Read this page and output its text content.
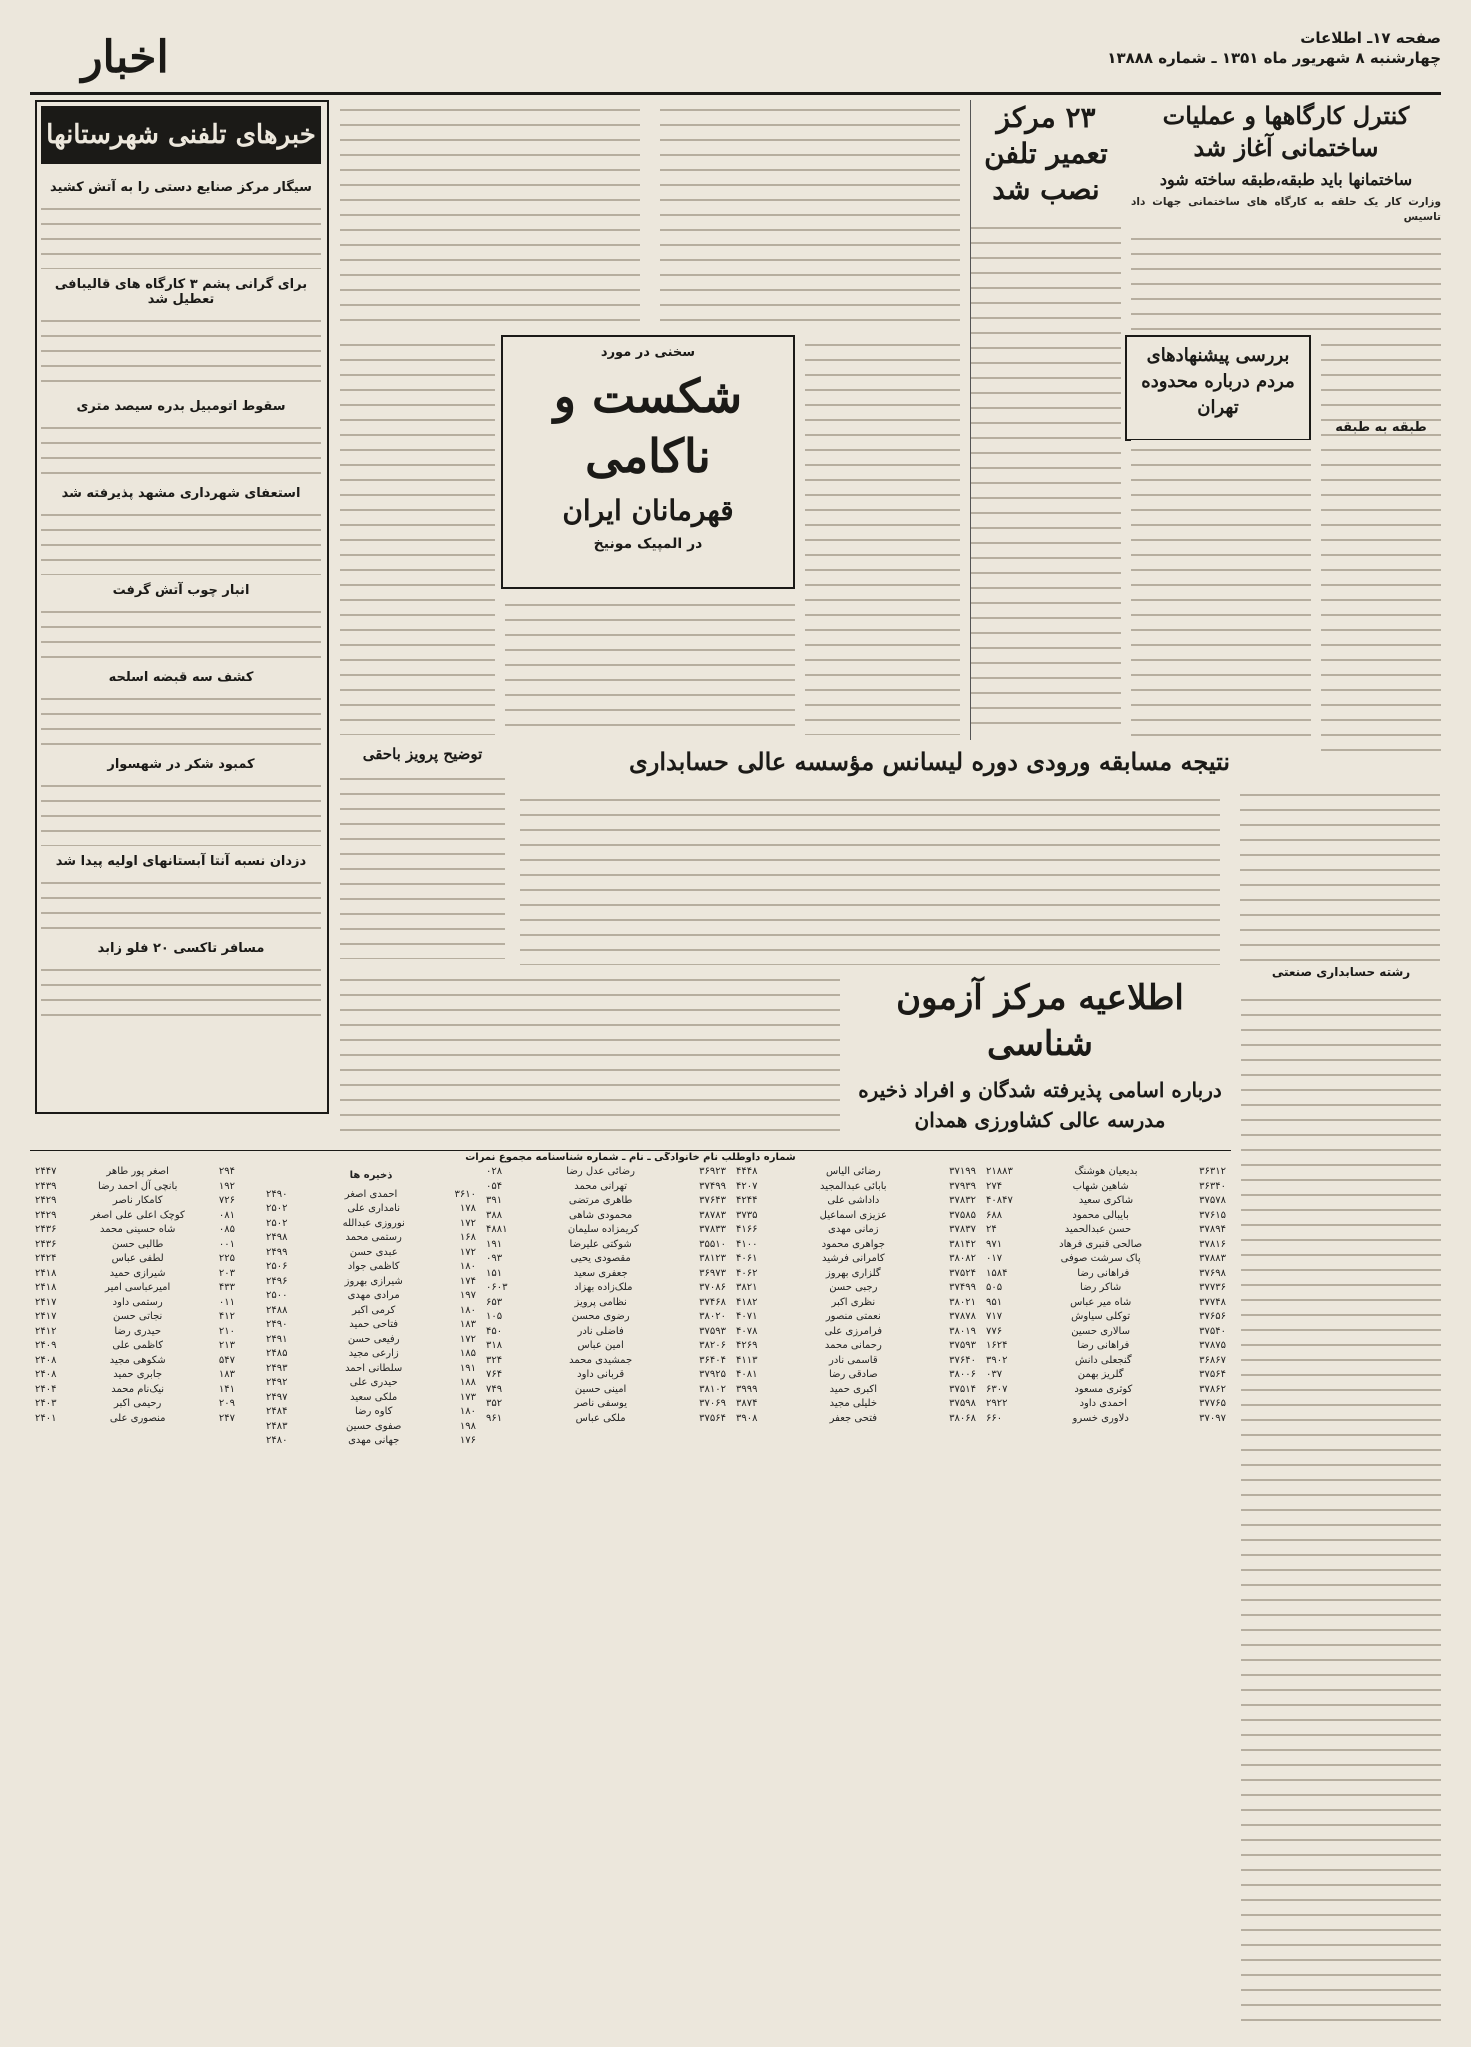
اخبار	صفحه ۱۷ـ اطلاعات
چهارشنبه ۸ شهریور ماه ۱۳۵۱ ـ شماره ۱۳۸۸۸
کنترل کارگاهها و عملیات ساختمانی آغاز شد
ساختمانها باید طبقه،طبقه ساخته شود
وزارت کار یک حلقه به کارگاه های ساختمانی جهات داد تاسیس
بررسی پیشنهادهای مردم درباره محدوده تهران
طبقه به طبقه
۲۳ مرکز تعمیر تلفن نصب شد
سخنی در مورد
شکست و ناکامی
قهرمانان ایران
در المپیک مونیخ
خبرهای تلفنی شهرستانها
سیگار مرکز صنایع دستی را به آتش کشید
برای گرانی پشم ۳ کارگاه های قالیبافی تعطیل شد
سقوط اتومبیل بدره سیصد متری
استعفای شهرداری مشهد پذیرفته شد
انبار چوب آتش گرفت
کشف سه قبضه اسلحه
کمبود شکر در شهسوار
دزدان نسبه آنتا آبستانهای اولیه پیدا شد
مسافر تاکسی ۲۰ فلو زابد
توضیح پرویز باحقی	نتیجه مسابقه ورودی دوره لیسانس مؤسسه عالی حسابداری
رشته حسابداری صنعتی
اطلاعیه مرکز آزمون شناسی
درباره اسامی پذیرفته شدگان و افراد ذخیره مدرسه عالی کشاورزی همدان
شماره داوطلب نام خانوادگی ـ نام ـ شماره شناسنامه مجموع نمرات
۳۶۳۱۲
بدیعیان هوشنگ
۲۱۸۸۳
۳۶۳۴۰
شاهین شهاب
۲۷۴
۳۷۵۷۸
شاکری سعید
۴۰۸۴۷
۳۷۶۱۵
بایبالی محمود
۶۸۸
۳۷۸۹۴
حسن عبدالحمید
۲۴
۳۷۸۱۶
صالحی قنبری فرهاد
۹۷۱
۳۷۸۸۳
پاک سرشت صوفی
۰۱۷
۳۷۶۹۸
فراهانی رضا
۱۵۸۴
۳۷۷۳۶
شاکر رضا
۵۰۵
۳۷۷۴۸
شاه میر عباس
۹۵۱
۳۷۶۵۶
توکلی سیاوش
۷۱۷
۳۷۵۴۰
سالاری حسین
۷۷۶
۳۷۸۷۵
فراهانی رضا
۱۶۲۴
۳۶۸۶۷
گنجعلی دانش
۳۹۰۲
۳۷۵۶۴
گلریز بهمن
۰۳۷
۳۷۸۶۲
کوثری مسعود
۶۳۰۷
۳۷۷۶۵
احمدی داود
۲۹۲۲
۳۷۰۹۷
دلاوری خسرو
۶۶۰
۳۷۱۹۹
رضائی الیاس
۴۴۴۸
۳۷۹۳۹
بابائی عبدالمجید
۴۲۰۷
۳۷۸۳۲
داداشی علی
۴۲۴۴
۳۷۵۸۵
عزیزی اسماعیل
۳۷۳۵
۳۷۸۳۷
زمانی مهدی
۴۱۶۶
۳۸۱۴۲
جواهری محمود
۴۱۰۰
۳۸۰۸۲
کامرانی فرشید
۴۰۶۱
۳۷۵۲۴
گلزاری بهروز
۴۰۶۲
۳۷۴۹۹
رجبی حسن
۳۸۲۱
۳۸۰۲۱
نظری اکبر
۴۱۸۲
۳۷۸۷۸
نعمتی منصور
۴۰۷۱
۳۸۰۱۹
فرامرزی علی
۴۰۷۸
۳۷۵۹۳
رحمانی محمد
۴۲۶۹
۳۷۶۴۰
قاسمی نادر
۴۱۱۳
۳۸۰۰۶
صادقی رضا
۴۰۸۱
۳۷۵۱۴
اکبری حمید
۳۹۹۹
۳۷۵۹۸
خلیلی مجید
۳۸۷۴
۳۸۰۶۸
فتحی جعفر
۳۹۰۸
۳۶۹۲۳
رضائی عدل رضا
۰۲۸
۳۷۴۹۹
تهرانی محمد
۰۵۴
۳۷۶۴۳
طاهری مرتضی
۳۹۱
۳۸۷۸۳
محمودی شاهی
۳۸۸
۳۷۸۳۳
کریمزاده سلیمان
۴۸۸۱
۳۵۵۱۰
شوکتی علیرضا
۱۹۱
۳۸۱۲۳
مقصودی یحیی
۰۹۳
۳۶۹۷۳
جعفری سعید
۱۵۱
۳۷۰۸۶
ملک‌زاده بهزاد
۰۶۰۳
۳۷۴۶۸
نظامی پرویز
۶۵۳
۳۸۰۲۰
رضوی محسن
۱۰۵
۳۷۵۹۳
فاضلی نادر
۴۵۰
۳۸۲۰۶
امین عباس
۳۱۸
۳۶۴۰۴
جمشیدی محمد
۳۲۴
۳۷۹۲۵
قربانی داود
۷۶۴
۳۸۱۰۲
امینی حسین
۷۴۹
۳۷۰۶۹
یوسفی ناصر
۳۵۲
۳۷۵۶۴
ملکی عباس
۹۶۱
ذخیره ها
۳۶۱۰
احمدی اصغر
۲۴۹۰
۱۷۸
نامداری علی
۲۵۰۲
۱۷۲
نوروزی عبدالله
۲۵۰۲
۱۶۸
رستمی محمد
۲۴۹۸
۱۷۲
عبدی حسن
۲۴۹۹
۱۸۰
کاظمی جواد
۲۵۰۶
۱۷۴
شیرازی بهروز
۲۴۹۶
۱۹۷
مرادی مهدی
۲۵۰۰
۱۸۰
کرمی اکبر
۲۴۸۸
۱۸۳
فتاحی حمید
۲۴۹۰
۱۷۲
رفیعی حسن
۲۴۹۱
۱۸۵
زارعی مجید
۲۴۸۵
۱۹۱
سلطانی احمد
۲۴۹۳
۱۸۸
حیدری علی
۲۴۹۲
۱۷۳
ملکی سعید
۲۴۹۷
۱۸۰
کاوه رضا
۲۴۸۴
۱۹۸
صفوی حسین
۲۴۸۳
۱۷۶
جهانی مهدی
۲۴۸۰
۲۹۴
اصغر پور طاهر
۲۴۴۷
۱۹۲
بانچی آل احمد رضا
۲۴۳۹
۷۲۶
کامکار ناصر
۲۴۲۹
۰۸۱
کوچک اعلی علی اصغر
۲۴۲۹
۰۸۵
شاه حسینی محمد
۲۴۳۶
۰۰۱
طالبی حسن
۲۴۳۶
۲۲۵
لطفی عباس
۲۴۲۴
۲۰۳
شیرازی حمید
۲۴۱۸
۴۳۳
امیرعباسی امیر
۲۴۱۸
۰۱۱
رستمی داود
۲۴۱۷
۴۱۲
نجاتی حسن
۲۴۱۷
۲۱۰
حیدری رضا
۲۴۱۲
۲۱۳
کاظمی علی
۲۴۰۹
۵۴۷
شکوهی مجید
۲۴۰۸
۱۸۳
جابری حمید
۲۴۰۸
۱۴۱
نیک‌نام محمد
۲۴۰۴
۲۰۹
رحیمی اکبر
۲۴۰۳
۲۴۷
منصوری علی
۲۴۰۱
